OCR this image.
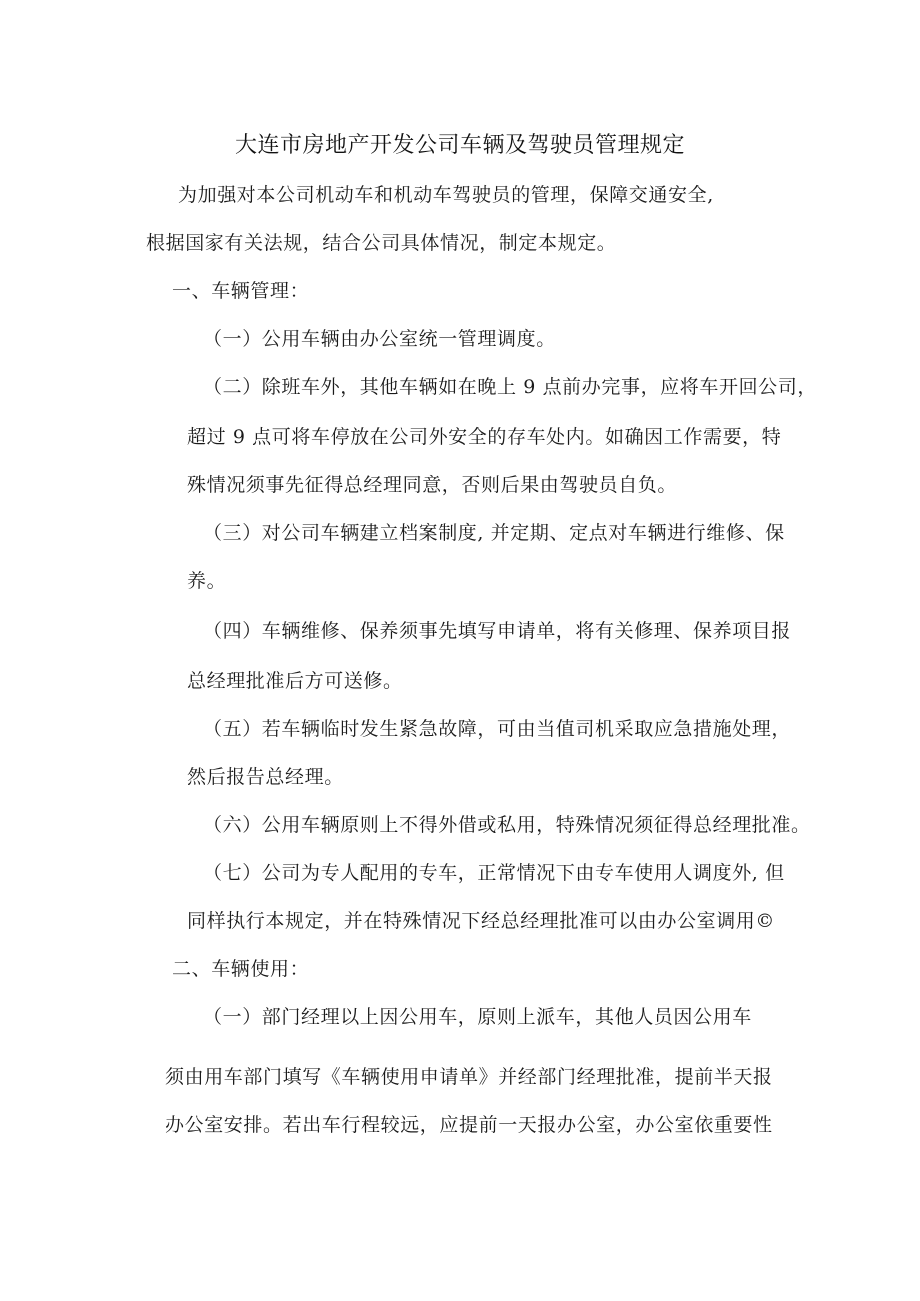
大连市房地产开发公司车辆及驾驶员管理规定
为加强对本公司机动车和机动车驾驶员的管理，保障交通安全,
根据国家有关法规，结合公司具体情况，制定本规定。
一、车辆管理：
（一）公用车辆由办公室统一管理调度。
（二）除班车外，其他车辆如在晚上 9 点前办完事，应将车开回公司，
超过 9 点可将车停放在公司外安全的存车处内。如确因工作需要，特
殊情况须事先征得总经理同意，否则后果由驾驶员自负。
（三）对公司车辆建立档案制度, 并定期、定点对车辆进行维修、保
养。
（四）车辆维修、保养须事先填写申请单，将有关修理、保养项目报
总经理批准后方可送修。
（五）若车辆临时发生紧急故障，可由当值司机采取应急措施处理，
然后报告总经理。
（六）公用车辆原则上不得外借或私用，特殊情况须征得总经理批准。
（七）公司为专人配用的专车，正常情况下由专车使用人调度外, 但
同样执行本规定，并在特殊情况下经总经理批准可以由办公室调用©
二、车辆使用：
（一）部门经理以上因公用车，原则上派车，其他人员因公用车
须由用车部门填写《车辆使用申请单》并经部门经理批准，提前半天报
办公室安排。若出车行程较远，应提前一天报办公室，办公室依重要性
